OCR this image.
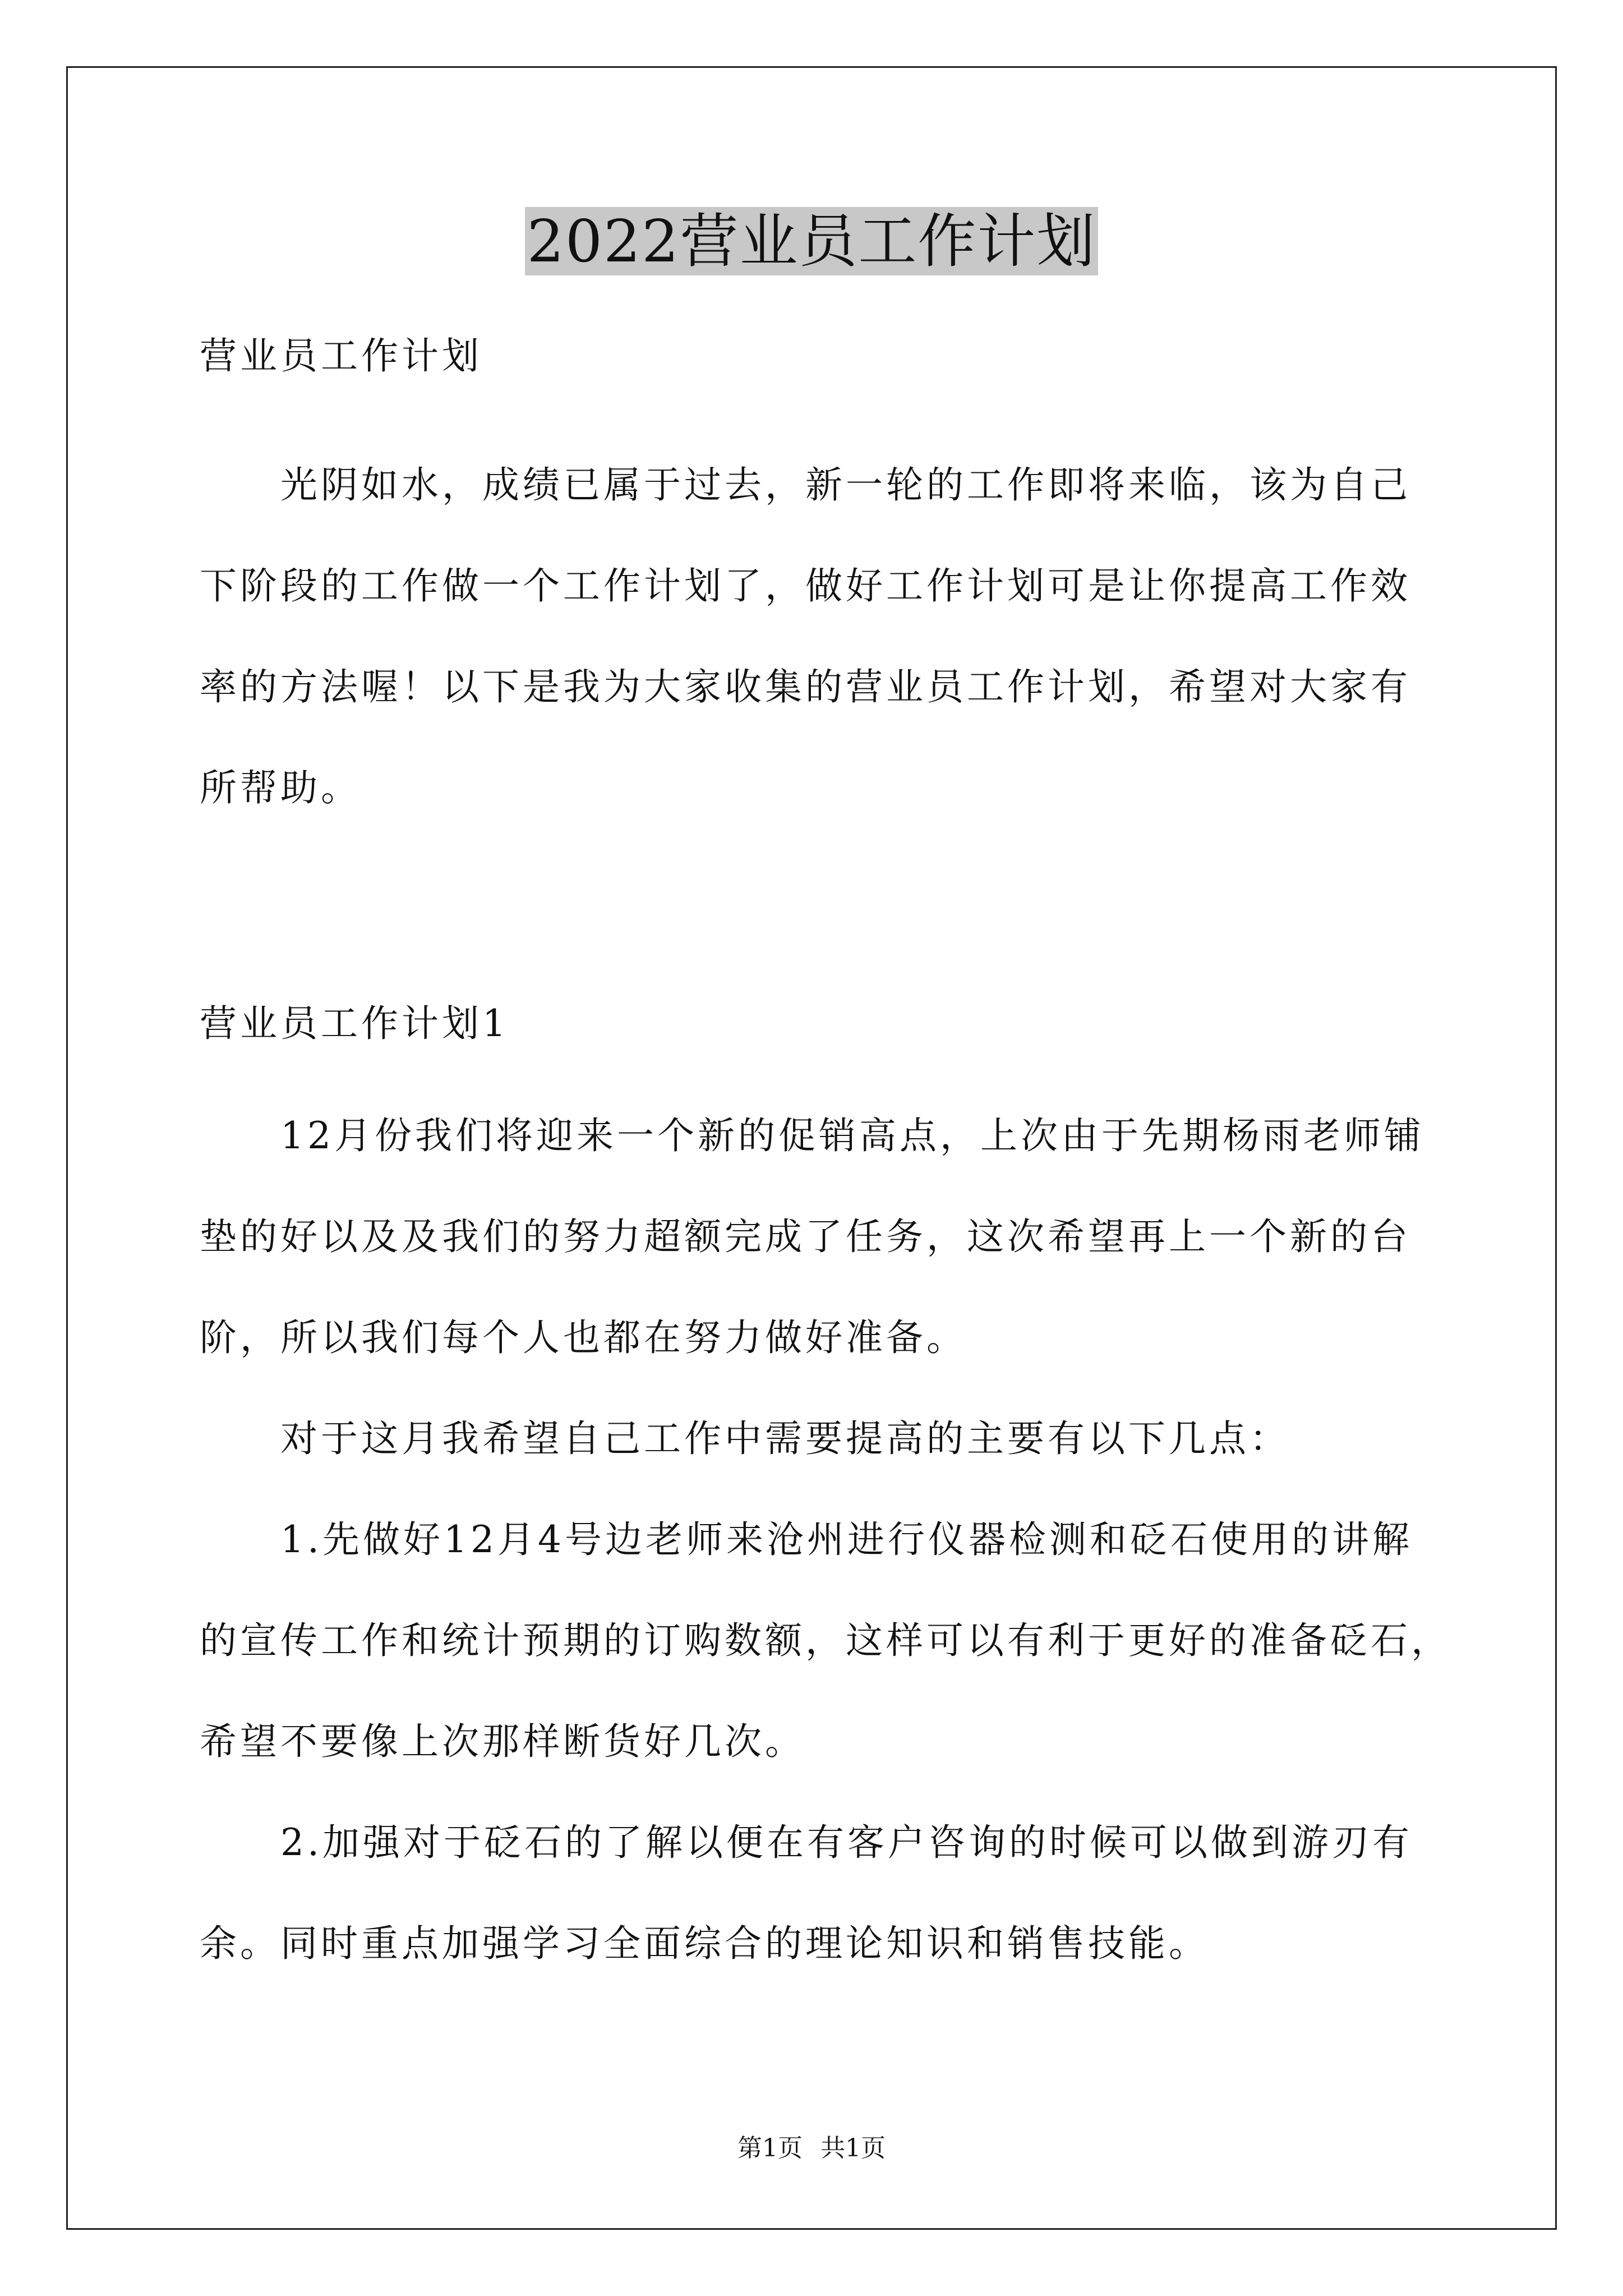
2022营业员工作计划
营业员工作计划
光阴如水，成绩已属于过去，新一轮的工作即将来临，该为自己
下阶段的工作做一个工作计划了，做好工作计划可是让你提高工作效
率的方法喔！以下是我为大家收集的营业员工作计划，希望对大家有
所帮助。
营业员工作计划1
12月份我们将迎来一个新的促销高点，上次由于先期杨雨老师铺
垫的好以及及我们的努力超额完成了任务，这次希望再上一个新的台
阶，所以我们每个人也都在努力做好准备。
对于这月我希望自己工作中需要提高的主要有以下几点：
1.先做好12月4号边老师来沧州进行仪器检测和砭石使用的讲解
的宣传工作和统计预期的订购数额，这样可以有利于更好的准备砭石，
希望不要像上次那样断货好几次。
2.加强对于砭石的了解以便在有客户咨询的时候可以做到游刃有
余。同时重点加强学习全面综合的理论知识和销售技能。
第1页 共1页
